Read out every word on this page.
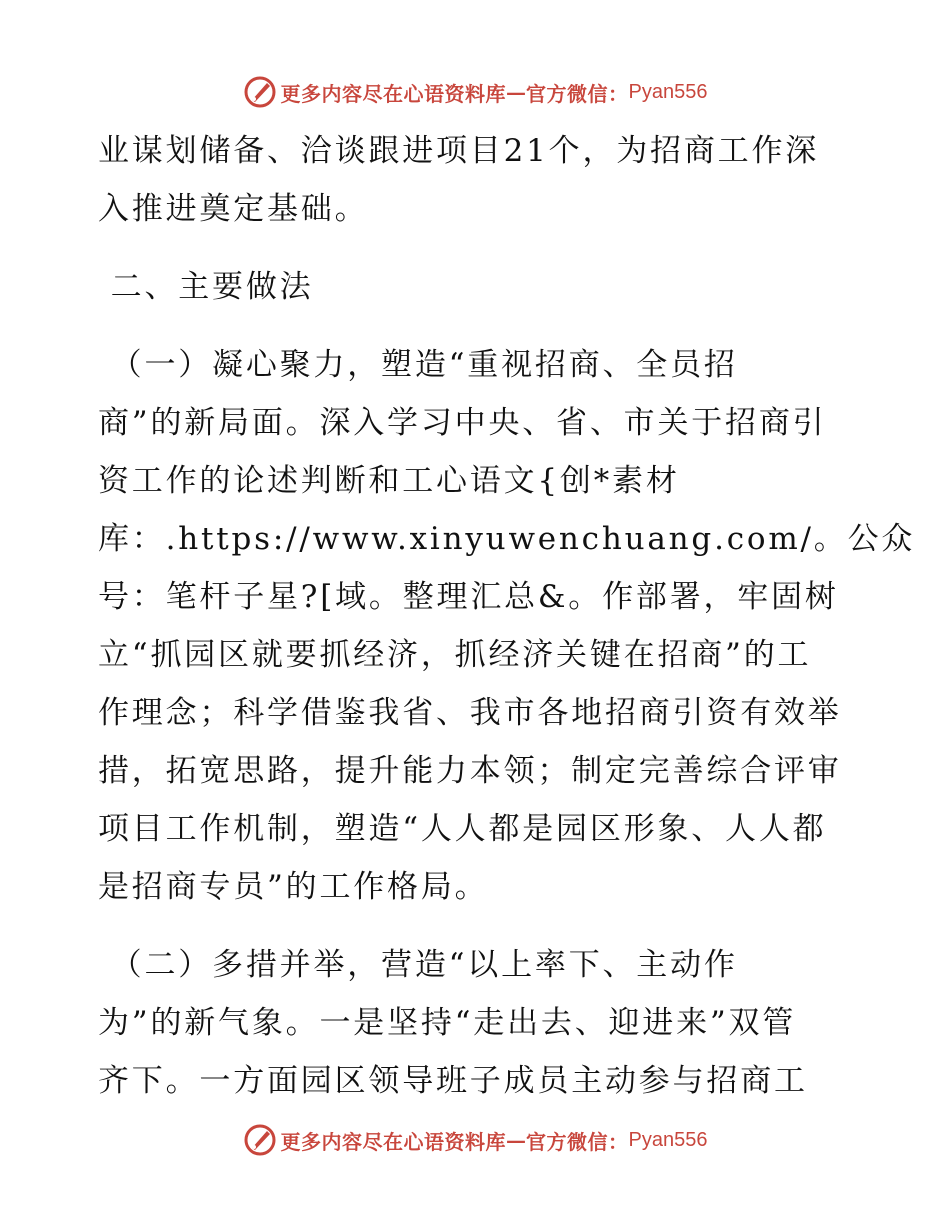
更多内容尽在心语资料库 — 官方微信： Pyan556
业谋划储备、洽谈跟进项目21个，为招商工作深
入推进奠定基础。
二、主要做法
（一）凝心聚力，塑造“重视招商、全员招
商”的新局面。深入学习中央、省、市关于招商引
资工作的论述判断和工心语文{创*素材
库：.https://www.xinyuwenchuang.com/。公众
号：笔杆子星?[域。整理汇总&。作部署，牢固树
立“抓园区就要抓经济，抓经济关键在招商”的工
作理念；科学借鉴我省、我市各地招商引资有效举
措，拓宽思路，提升能力本领；制定完善综合评审
项目工作机制，塑造“人人都是园区形象、人人都
是招商专员”的工作格局。
（二）多措并举，营造“以上率下、主动作
为”的新气象。一是坚持“走出去、迎进来”双管
齐下。一方面园区领导班子成员主动参与招商工
更多内容尽在心语资料库 — 官方微信： Pyan556
